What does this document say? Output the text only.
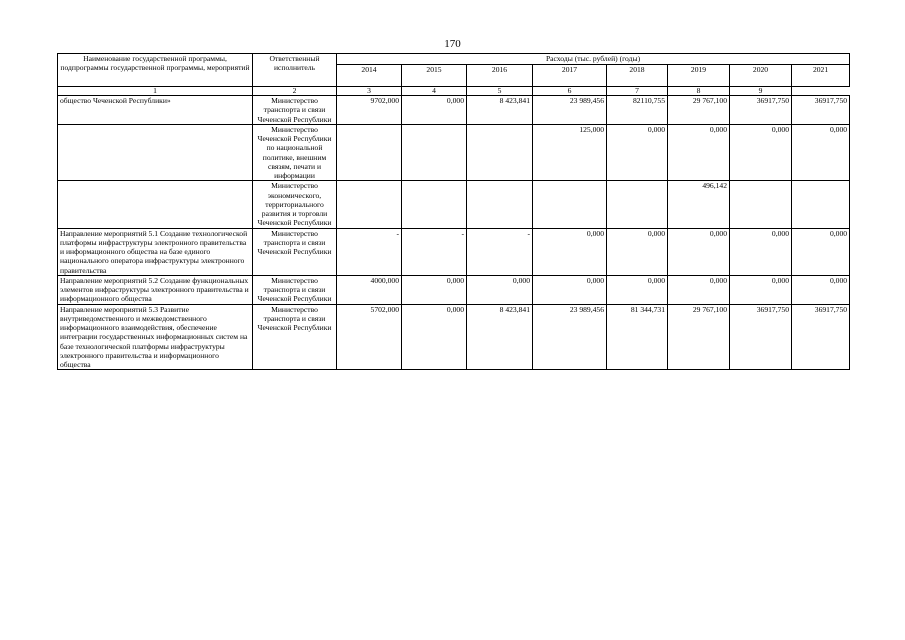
170
Наименование государственной программы, подпрограммы государственной программы, мероприятий	Ответственный исполнитель	Расходы (тыс. рублей) (годы)							
		2014	2015	2016	2017	2018	2019	2020	2021
1	2	3	4	5	6	7	8	9	
общество Чеченской Республики»	Министерство транспорта и связи Чеченской Республики	9702,000	0,000	8 423,841	23 989,456	82110,755	29 767,100	36917,750	36917,750
	Министерство Чеченской Республики по национальной политике, внешним связям, печати и информации				125,000	0,000	0,000	0,000	0,000
	Министерство экономического, территориального развития и торговли Чеченской Республики						496,142		
Направление мероприятий 5.1 Создание технологической платформы инфраструктуры электронного правительства и информационного общества на базе единого национального оператора инфраструктуры электронного правительства	Министерство транспорта и связи Чеченской Республики	-	-	-	0,000	0,000	0,000	0,000	0,000
Направление мероприятий 5.2 Создание функциональных элементов инфраструктуры электронного правительства и информационного общества	Министерство транспорта и связи Чеченской Республики	4000,000	0,000	0,000	0,000	0,000	0,000	0,000	0,000
Направление мероприятий 5.3 Развитие внутриведомственного и межведомственного информационного взаимодействия, обеспечение интеграции государственных информационных систем на базе технологической платформы инфраструктуры электронного правительства и информационного общества	Министерство транспорта и связи Чеченской Республики	5702,000	0,000	8 423,841	23 989,456	81 344,731	29 767,100	36917,750	36917,750
